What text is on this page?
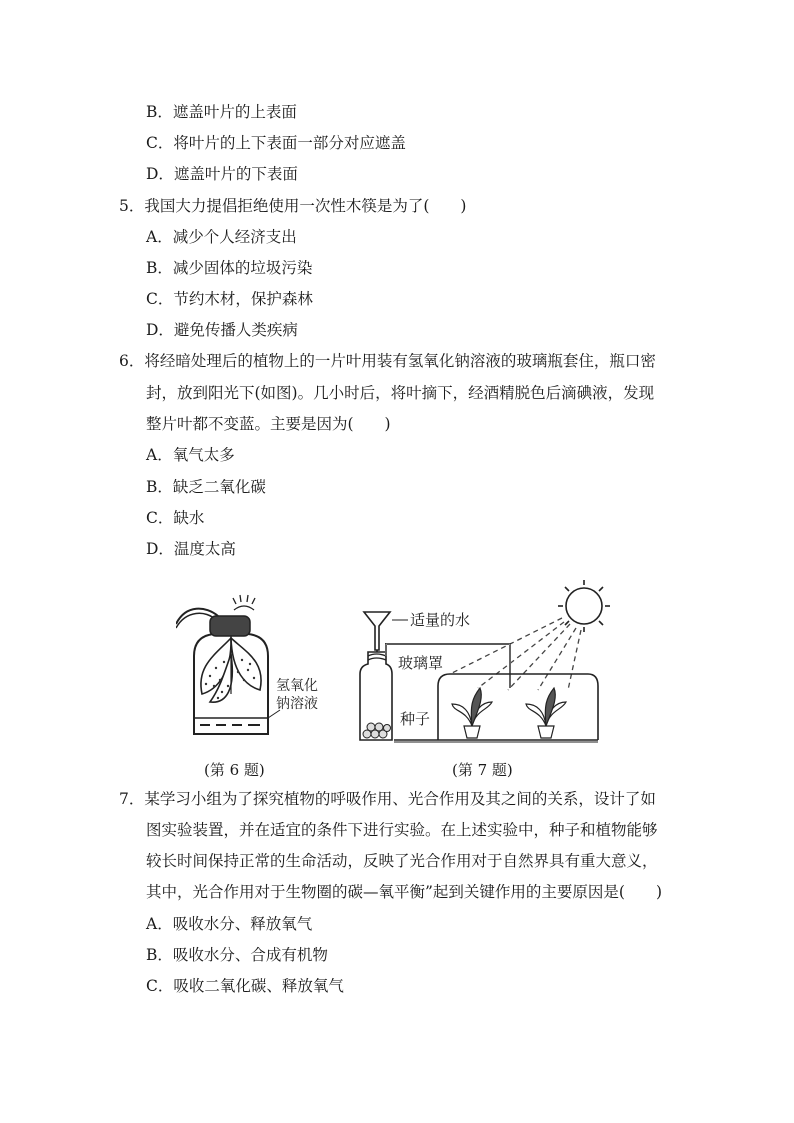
B．遮盖叶片的上表面
C．将叶片的上下表面一部分对应遮盖
D．遮盖叶片的下表面
5．我国大力提倡拒绝使用一次性木筷是为了(　　)
A．减少个人经济支出
B．减少固体的垃圾污染
C．节约木材，保护森林
D．避免传播人类疾病
6．将经暗处理后的植物上的一片叶用装有氢氧化钠溶液的玻璃瓶套住，瓶口密
封，放到阳光下(如图)。几小时后，将叶摘下，经酒精脱色后滴碘液，发现
整片叶都不变蓝。主要是因为(　　)
A．氧气太多
B．缺乏二氧化碳
C．缺水
D．温度太高
氢氧化
钠溶液
适量的水
玻璃罩
种子
(第 6 题)	(第 7 题)
7．某学习小组为了探究植物的呼吸作用、光合作用及其之间的关系，设计了如
图实验装置，并在适宜的条件下进行实验。在上述实验中，种子和植物能够
较长时间保持正常的生命活动，反映了光合作用对于自然界具有重大意义，
其中，光合作用对于生物圈的碳—氧平衡”起到关键作用的主要原因是(　　)
A．吸收水分、释放氧气
B．吸收水分、合成有机物
C．吸收二氧化碳、释放氧气
